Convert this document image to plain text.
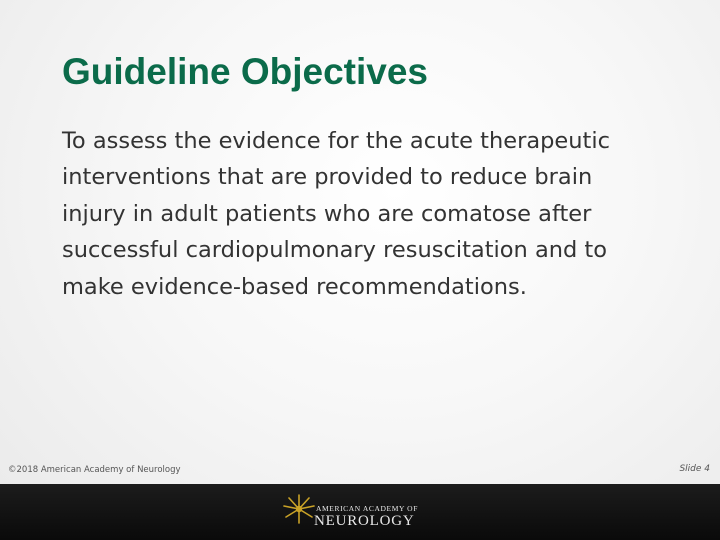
Guideline Objectives

To assess the evidence for the acute therapeutic interventions that are provided to reduce brain injury in adult patients who are comatose after successful cardiopulmonary resuscitation and to make evidence-based recommendations.

©2018 American Academy of Neurology	Slide 4
AMERICAN ACADEMY OF
NEUROLOGY
